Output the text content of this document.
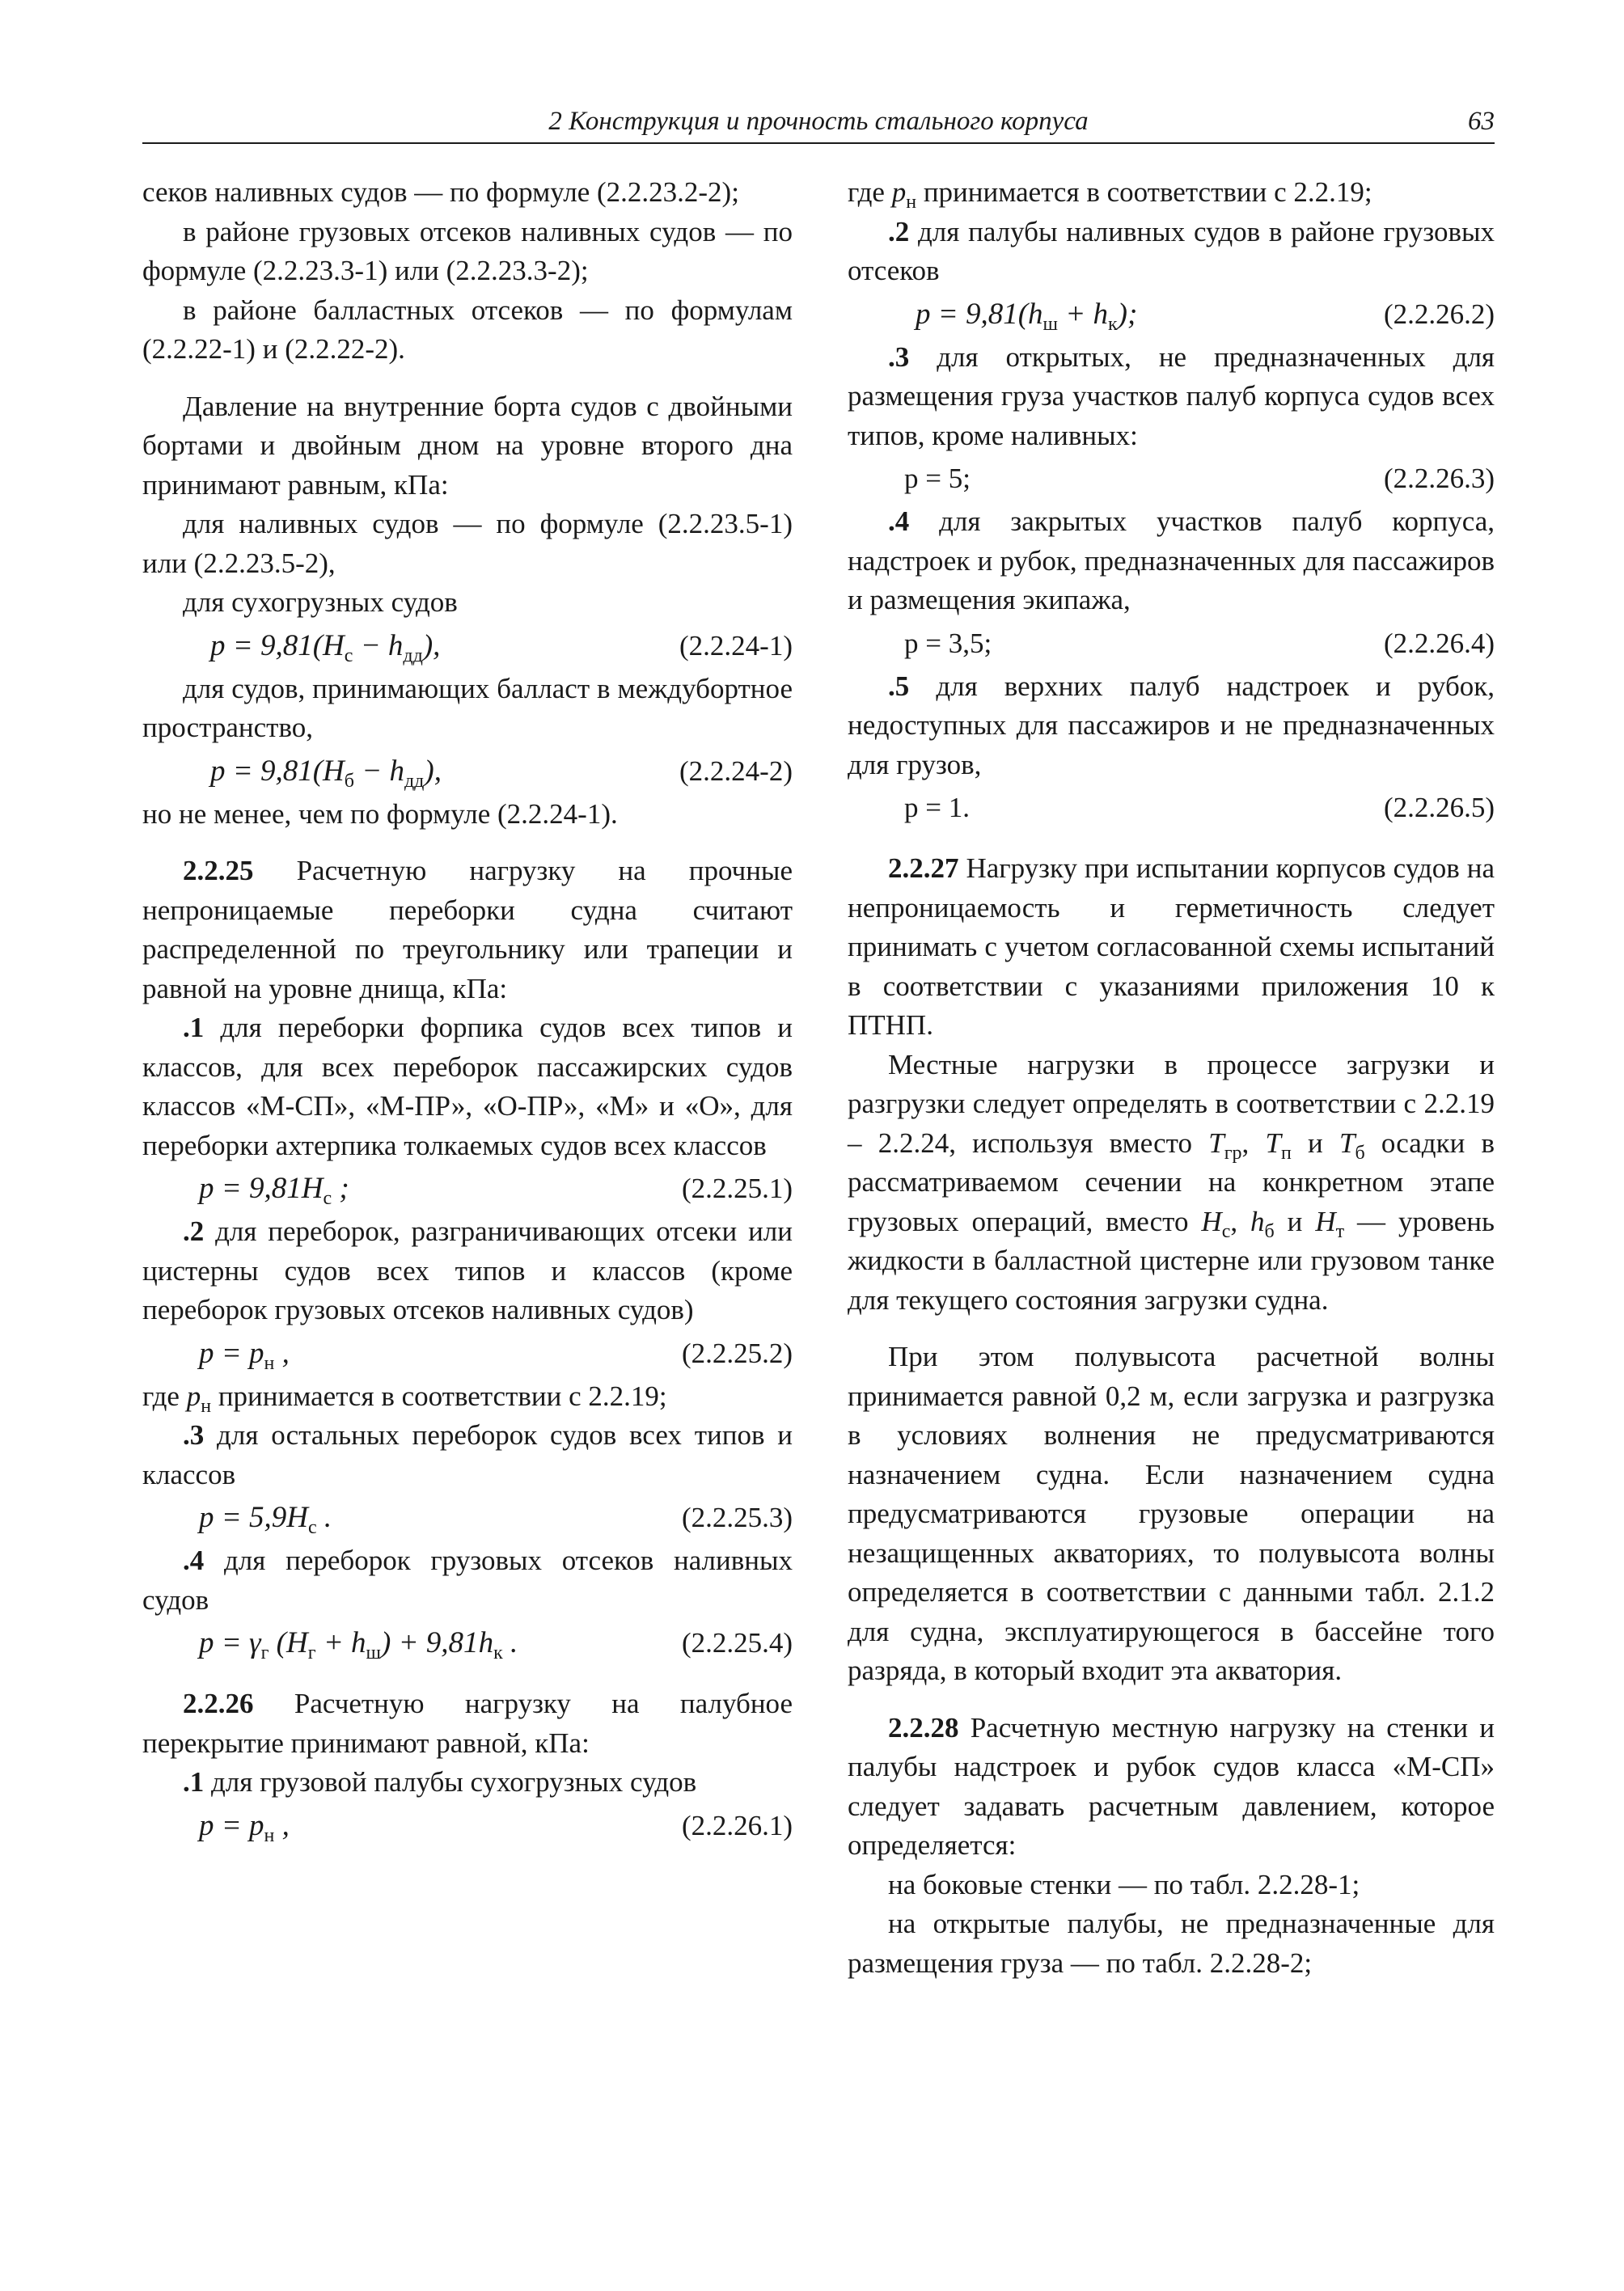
2 Конструкция и прочность стального корпуса	63

секов наливных судов — по формуле (2.2.23.2-2);

в районе грузовых отсеков наливных судов — по формуле (2.2.23.3-1) или (2.2.23.3-2);

в районе балластных отсеков — по формулам (2.2.22-1) и (2.2.22-2).

Давление на внутренние борта судов с двойными бортами и двойным дном на уровне второго дна принимают равным, кПа:

для наливных судов — по формуле (2.2.23.5-1) или (2.2.23.5-2),

для сухогрузных судов

$p = 9,81(H_с - h_{дд})$,	(2.2.24-1)

для судов, принимающих балласт в междубортное пространство,

$p = 9,81(H_б - h_{дд})$,	(2.2.24-2)

но не менее, чем по формуле (2.2.24-1).

2.2.25 Расчетную нагрузку на прочные непроницаемые переборки судна считают распределенной по треугольнику или трапеции и равной на уровне днища, кПа:

.1 для переборки форпика судов всех типов и классов, для всех переборок пассажирских судов классов «М-СП», «М-ПР», «О-ПР», «М» и «О», для переборки ахтерпика толкаемых судов всех классов

$p = 9,81H_с$ ;	(2.2.25.1)

.2 для переборок, разграничивающих отсеки или цистерны судов всех типов и классов (кроме переборок грузовых отсеков наливных судов)

$p = p_н$ ,	(2.2.25.2)

где $p_н$ принимается в соответствии с 2.2.19;

.3 для остальных переборок судов всех типов и классов

$p = 5,9H_с$ .	(2.2.25.3)

.4 для переборок грузовых отсеков наливных судов

$p = \gamma_г$ $(H_г + h_ш) + 9,81h_к$ .	(2.2.25.4)

2.2.26 Расчетную нагрузку на палубное перекрытие принимают равной, кПа:

.1 для грузовой палубы сухогрузных судов

$p = p_н$ ,	(2.2.26.1)

где $p_н$ принимается в соответствии с 2.2.19;

.2 для палубы наливных судов в районе грузовых отсеков

$p = 9,81(h_ш + h_к)$;	(2.2.26.2)

.3 для открытых, не предназначенных для размещения груза участков палуб корпуса судов всех типов, кроме наливных:

p = 5;	(2.2.26.3)

.4 для закрытых участков палуб корпуса, надстроек и рубок, предназначенных для пассажиров и размещения экипажа,

p = 3,5;	(2.2.26.4)

.5 для верхних палуб надстроек и рубок, недоступных для пассажиров и не предназначенных для грузов,

p = 1.	(2.2.26.5)

2.2.27 Нагрузку при испытании корпусов судов на непроницаемость и герметичность следует принимать с учетом согласованной схемы испытаний в соответствии с указаниями приложения 10 к ПТНП.

Местные нагрузки в процессе загрузки и разгрузки следует определять в соответствии с 2.2.19 – 2.2.24, используя вместо $T_{гр}$, $T_п$ и $T_б$ осадки в рассматриваемом сечении на конкретном этапе грузовых операций, вместо $H_с$, $h_б$ и $H_т$ — уровень жидкости в балластной цистерне или грузовом танке для текущего состояния загрузки судна.

При этом полувысота расчетной волны принимается равной 0,2 м, если загрузка и разгрузка в условиях волнения не предусматриваются назначением судна. Если назначением судна предусматриваются грузовые операции на незащищенных акваториях, то полувысота волны определяется в соответствии с данными табл. 2.1.2 для судна, эксплуатирующегося в бассейне того разряда, в который входит эта акватория.

2.2.28 Расчетную местную нагрузку на стенки и палубы надстроек и рубок судов класса «М-СП» следует задавать расчетным давлением, которое определяется:

на боковые стенки — по табл. 2.2.28-1;

на открытые палубы, не предназначенные для размещения груза — по табл. 2.2.28-2;
